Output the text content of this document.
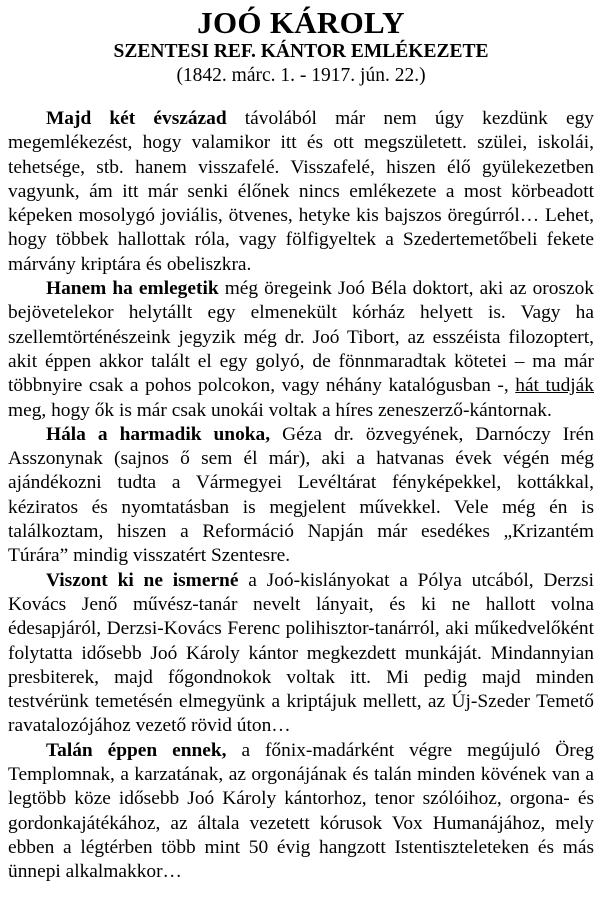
JOÓ KÁROLY
SZENTESI REF. KÁNTOR EMLÉKEZETE
(1842. márc. 1. - 1917. jún. 22.)

Majd két évszázad távolából már nem úgy kezdünk egy megemlékezést, hogy valamikor itt és ott megszületett. szülei, iskolái, tehetsége, stb. hanem visszafelé. Visszafelé, hiszen élő gyülekezetben vagyunk, ám itt már senki élőnek nincs emlékezete a most körbeadott képeken mosolygó joviális, ötvenes, hetyke kis bajszos öregúrról… Lehet, hogy többek hallottak róla, vagy fölfigyeltek a Szedertemetőbeli fekete márvány kriptára és obeliszkra.

Hanem ha emlegetik még öregeink Joó Béla doktort, aki az oroszok bejövetelekor helytállt egy elmenekült kórház helyett is. Vagy ha szellemtörténészeink jegyzik még dr. Joó Tibort, az esszéista filozoptert, akit éppen akkor talált el egy golyó, de fönnmaradtak kötetei – ma már többnyire csak a pohos polcokon, vagy néhány katalógusban -, hát tudják meg, hogy ők is már csak unokái voltak a híres zeneszerző-kántornak.

Hála a harmadik unoka, Géza dr. özvegyének, Darnóczy Irén Asszonynak (sajnos ő sem él már), aki a hatvanas évek végén még ajándékozni tudta a Vármegyei Levéltárat fényképekkel, kottákkal, kéziratos és nyomtatásban is megjelent művekkel. Vele még én is találkoztam, hiszen a Reformáció Napján már esedékes „Krizantém Túrára” mindig visszatért Szentesre.

Viszont ki ne ismerné a Joó-kislányokat a Pólya utcából, Derzsi Kovács Jenő művész-tanár nevelt lányait, és ki ne hallott volna édesapjáról, Derzsi-Kovács Ferenc polihisztor-tanárról, aki műkedvelőként folytatta idősebb Joó Károly kántor megkezdett munkáját. Mindannyian presbiterek, majd főgondnokok voltak itt. Mi pedig majd minden testvérünk temetésén elmegyünk a kriptájuk mellett, az Új-Szeder Temető ravatalozójához vezető rövid úton…

Talán éppen ennek, a főnix-madárként végre megújuló Öreg Templomnak, a karzatának, az orgonájának és talán minden kövének van a legtöbb köze idősebb Joó Károly kántorhoz, tenor szólóihoz, orgona- és gordonkajátékához, az általa vezetett kórusok Vox Humanájához, mely ebben a légtérben több mint 50 évig hangzott Istentiszteleteken és más ünnepi alkalmakkor…
